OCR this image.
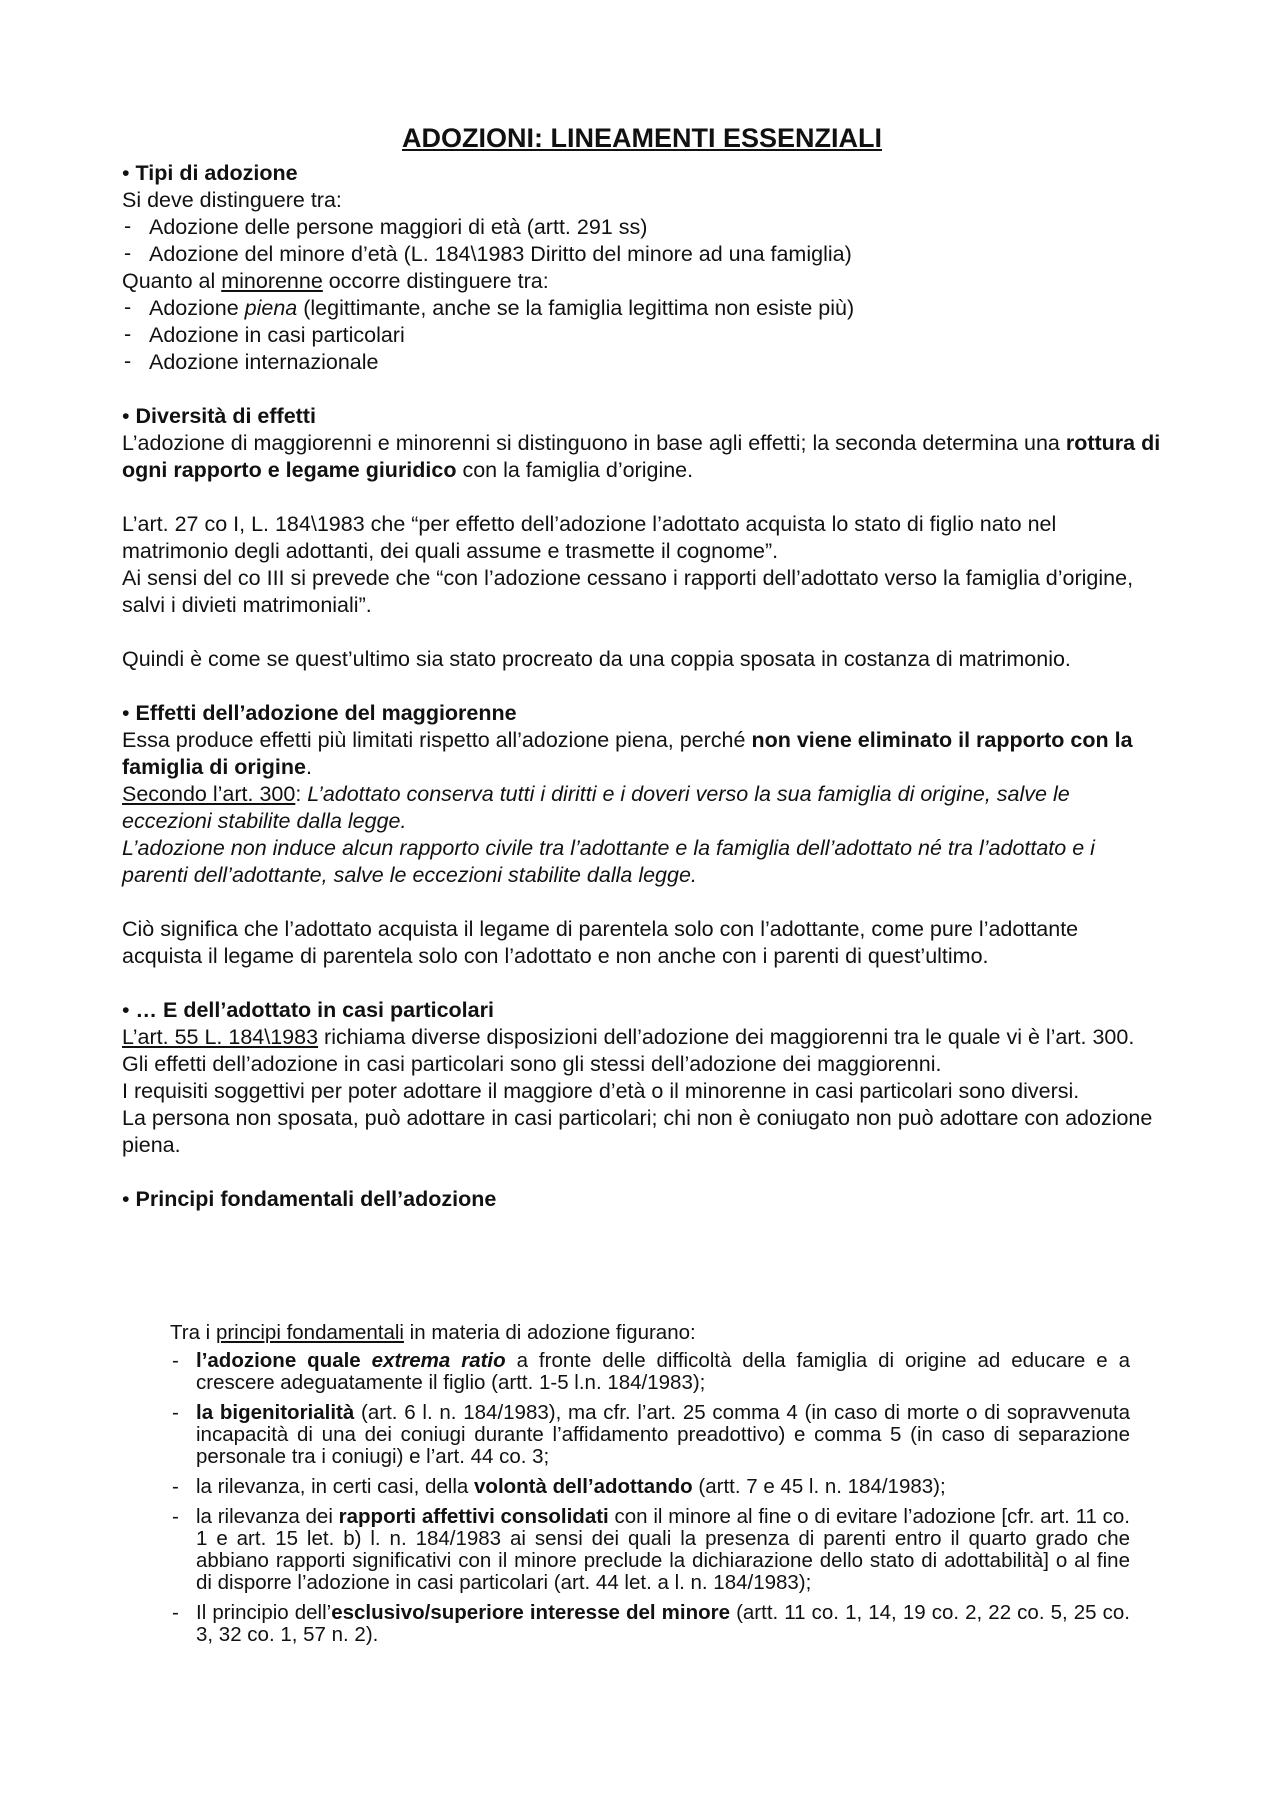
ADOZIONI: LINEAMENTI ESSENZIALI

• Tipi di adozione

Si deve distinguere tra:

- Adozione delle persone maggiori di età (artt. 291 ss)
- Adozione del minore d’età (L. 184\1983 Diritto del minore ad una famiglia)

Quanto al minorenne occorre distinguere tra:

- Adozione piena (legittimante, anche se la famiglia legittima non esiste più)
- Adozione in casi particolari
- Adozione internazionale

• Diversità di effetti

L’adozione di maggiorenni e minorenni si distinguono in base agli effetti; la seconda determina una rottura di ogni rapporto e legame giuridico con la famiglia d’origine.

L’art. 27 co I, L. 184\1983 che “per effetto dell’adozione l’adottato acquista lo stato di figlio nato nel matrimonio degli adottanti, dei quali assume e trasmette il cognome”.

Ai sensi del co III si prevede che “con l’adozione cessano i rapporti dell’adottato verso la famiglia d’origine, salvi i divieti matrimoniali”.

Quindi è come se quest’ultimo sia stato procreato da una coppia sposata in costanza di matrimonio.

• Effetti dell’adozione del maggiorenne

Essa produce effetti più limitati rispetto all’adozione piena, perché non viene eliminato il rapporto con la famiglia di origine.

Secondo l’art. 300: L’adottato conserva tutti i diritti e i doveri verso la sua famiglia di origine, salve le eccezioni stabilite dalla legge.

L’adozione non induce alcun rapporto civile tra l’adottante e la famiglia dell’adottato né tra l’adottato e i parenti dell’adottante, salve le eccezioni stabilite dalla legge.

Ciò significa che l’adottato acquista il legame di parentela solo con l’adottante, come pure l’adottante acquista il legame di parentela solo con l’adottato e non anche con i parenti di quest’ultimo.

• … E dell’adottato in casi particolari

L’art. 55 L. 184\1983 richiama diverse disposizioni dell’adozione dei maggiorenni tra le quale vi è l’art. 300. Gli effetti dell’adozione in casi particolari sono gli stessi dell’adozione dei maggiorenni.

I requisiti soggettivi per poter adottare il maggiore d’età o il minorenne in casi particolari sono diversi.

La persona non sposata, può adottare in casi particolari; chi non è coniugato non può adottare con adozione piena.

• Principi fondamentali dell’adozione

Tra i principi fondamentali in materia di adozione figurano:

- l’adozione quale extrema ratio a fronte delle difficoltà della famiglia di origine ad educare e a crescere adeguatamente il figlio (artt. 1-5 l.n. 184/1983);
- la bigenitorialità (art. 6 l. n. 184/1983), ma cfr. l’art. 25 comma 4 (in caso di morte o di sopravvenuta incapacità di una dei coniugi durante l’affidamento preadottivo) e comma 5 (in caso di separazione personale tra i coniugi) e l’art. 44 co. 3;
- la rilevanza, in certi casi, della volontà dell’adottando (artt. 7 e 45 l. n. 184/1983);
- la rilevanza dei rapporti affettivi consolidati con il minore al fine o di evitare l’adozione [cfr. art. 11 co. 1 e art. 15 let. b) l. n. 184/1983 ai sensi dei quali la presenza di parenti entro il quarto grado che abbiano rapporti significativi con il minore preclude la dichiarazione dello stato di adottabilità] o al fine di disporre l’adozione in casi particolari (art. 44 let. a l. n. 184/1983);
- Il principio dell’esclusivo/superiore interesse del minore (artt. 11 co. 1, 14, 19 co. 2, 22 co. 5, 25 co. 3, 32 co. 1, 57 n. 2).
